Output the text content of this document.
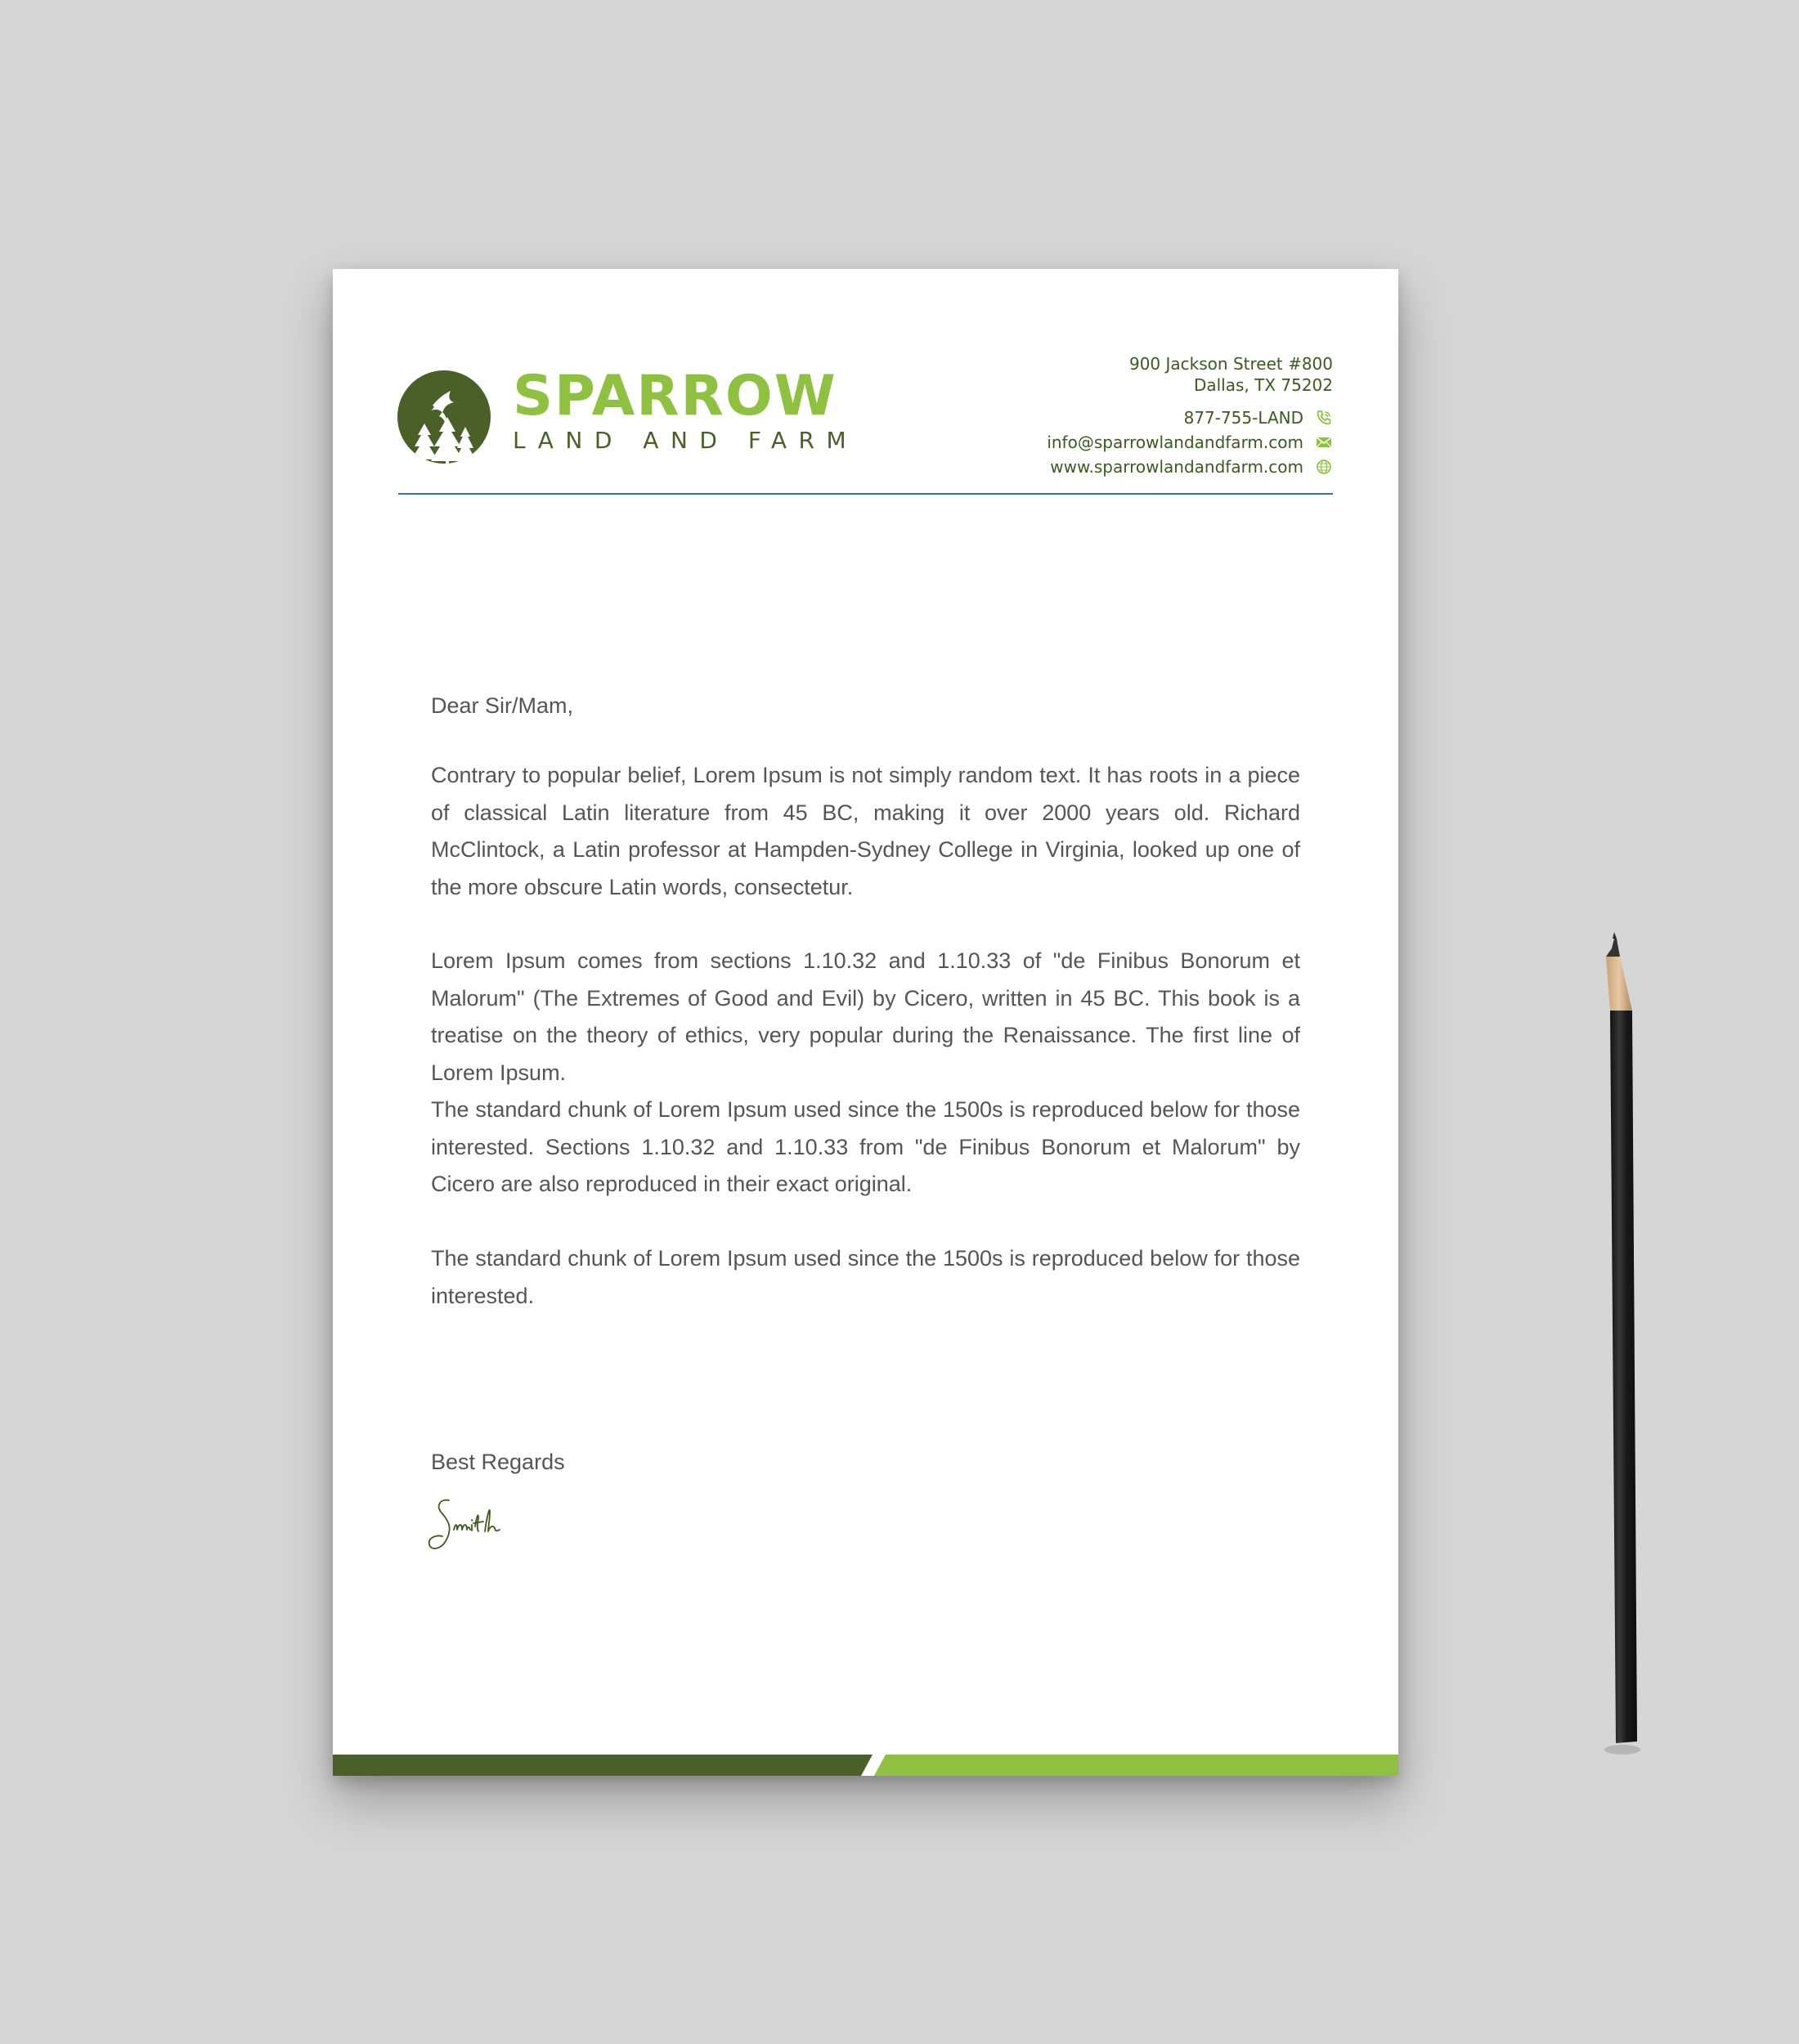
SPARROW
LAND AND FARM
900 Jackson Street #800
Dallas, TX 75202
877-755-LAND
info@sparrowlandandfarm.com
www.sparrowlandandfarm.com
Dear Sir/Mam,
Contrary to popular belief, Lorem Ipsum is not simply random text. It has roots in a piece of classical Latin literature from 45 BC, making it over 2000 years old. Richard McClintock, a Latin professor at Hampden-Sydney College in Virginia, looked up one of the more obscure Latin words, consectetur.
Lorem Ipsum comes from sections 1.10.32 and 1.10.33 of "de Finibus Bonorum et Malorum" (The Extremes of Good and Evil) by Cicero, written in 45 BC. This book is a treatise on the theory of ethics, very popular during the Renaissance. The first line of Lorem Ipsum.
The standard chunk of Lorem Ipsum used since the 1500s is reproduced below for those interested. Sections 1.10.32 and 1.10.33 from "de Finibus Bonorum et Malorum" by Cicero are also reproduced in their exact original.
The standard chunk of Lorem Ipsum used since the 1500s is reproduced below for those interested.
Best Regards
